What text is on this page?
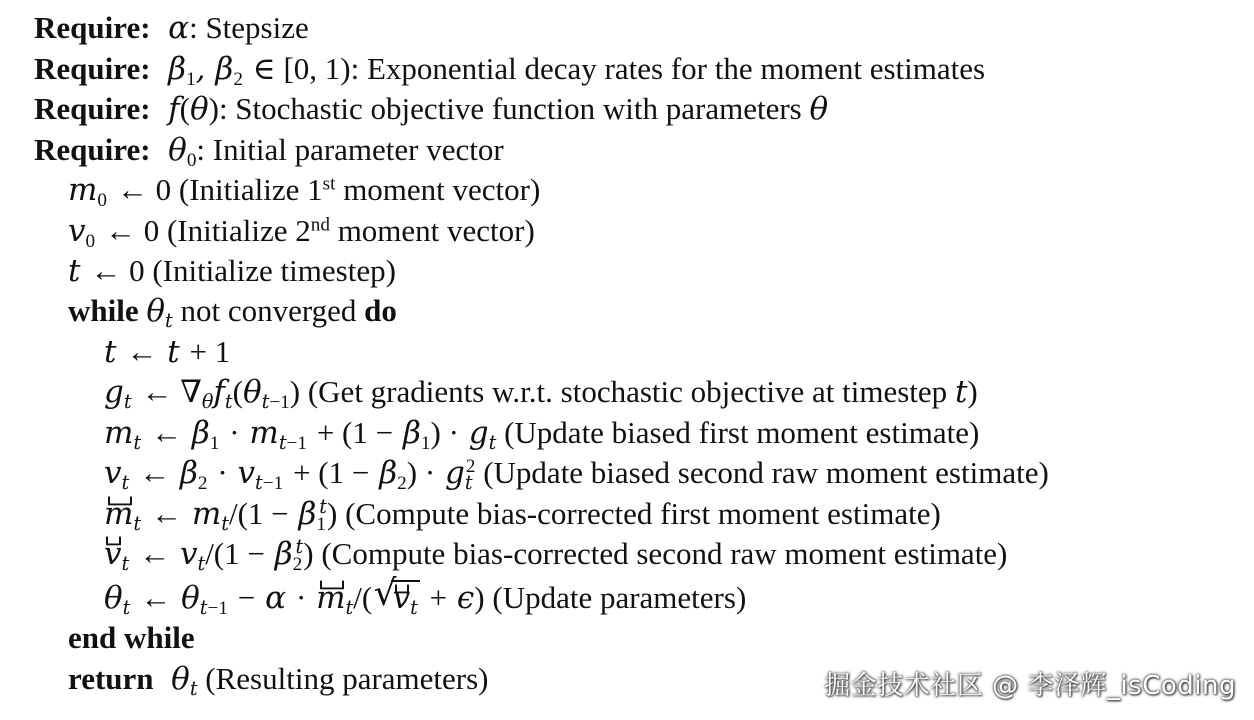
Require:  α: Stepsize
Require:  $\beta_1$, $\beta_2$ ∈ [0, 1): Exponential decay rates for the moment estimates
Require:  f(θ): Stochastic objective function with parameters θ
Require:  $\theta_0$: Initial parameter vector
$m_0$ ← 0 (Initialize 1st moment vector)
$v_0$ ← 0 (Initialize 2nd moment vector)
t ← 0 (Initialize timestep)
while $\theta_t$ not converged do
t ← t + 1
$g_t$ ← $\nabla_\theta f_t(\theta_{t-1})$ (Get gradients w.r.t. stochastic objective at timestep t)
$m_t$ ← $\beta_1 \cdot m_{t-1} + (1 - \beta_1) \cdot g_t$ (Update biased first moment estimate)
$v_t$ ← $\beta_2 \cdot v_{t-1} + (1 - \beta_2) \cdot g_t^2$ (Update biased second raw moment estimate)
$m_t$ ← $m_t/(1 - \beta_1^t)$ (Compute bias-corrected first moment estimate)
$v_t$ ← $v_t/(1 - \beta_2^t)$ (Compute bias-corrected second raw moment estimate)
$\theta_t$ ← $\theta_{t-1} - \alpha \cdot m_t/(√$ $v_t + \epsilon$) (Update parameters)
end while
return  $\theta_t$ (Resulting parameters)	掘金技术社区 @ 李泽辉_isCoding
